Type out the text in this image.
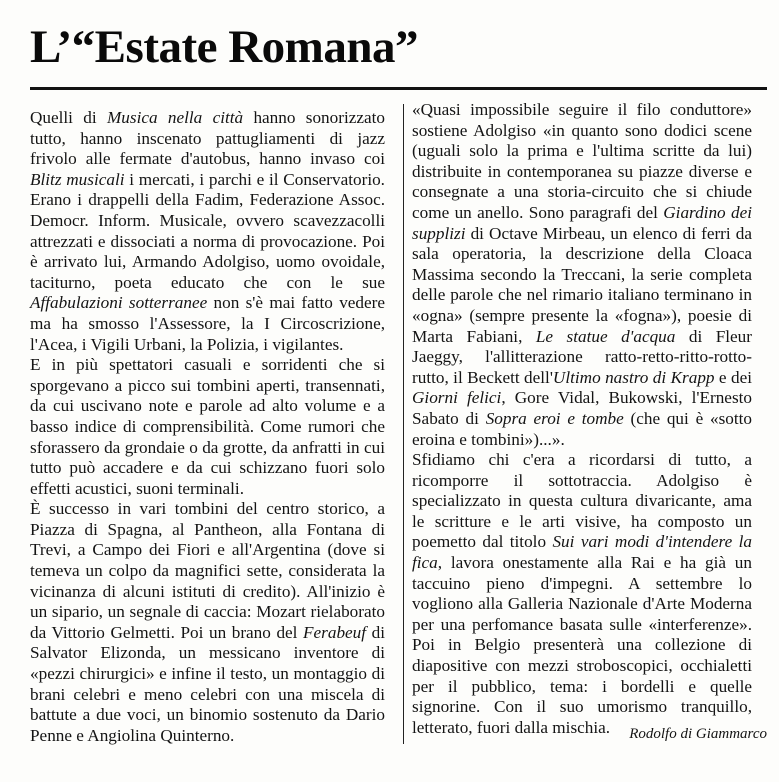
L’“Estate Romana”

Quelli di Musica nella città hanno sonorizzato tutto, hanno inscenato pattugliamenti di jazz frivolo alle fermate d'autobus, hanno invaso coi Blitz musicali i mercati, i parchi e il Conservatorio. Erano i drappelli della Fadim, Federazione Assoc. Democr. Inform. Musicale, ovvero scavezzacolli attrezzati e dissociati a norma di provocazione. Poi è arrivato lui, Armando Adolgiso, uomo ovoidale, taciturno, poeta educato che con le sue Affabulazioni sotterranee non s'è mai fatto vedere ma ha smosso l'Assessore, la I Circoscrizione, l'Acea, i Vigili Urbani, la Polizia, i vigilantes.

E in più spettatori casuali e sorridenti che si sporgevano a picco sui tombini aperti, transennati, da cui uscivano note e parole ad alto volume e a basso indice di comprensibilità. Come rumori che sforassero da grondaie o da grotte, da anfratti in cui tutto può accadere e da cui schizzano fuori solo effetti acustici, suoni terminali.

È successo in vari tombini del centro storico, a Piazza di Spagna, al Pantheon, alla Fontana di Trevi, a Campo dei Fiori e all'Argentina (dove si temeva un colpo da magnifici sette, considerata la vicinanza di alcuni istituti di credito). All'inizio è un sipario, un segnale di caccia: Mozart rielaborato da Vittorio Gelmetti. Poi un brano del Ferabeuf di Salvator Elizonda, un messicano inventore di «pezzi chirurgici» e infine il testo, un montaggio di brani celebri e meno celebri con una miscela di battute a due voci, un binomio sostenuto da Dario Penne e Angiolina Quinterno.

«Quasi impossibile seguire il filo conduttore» sostiene Adolgiso «in quanto sono dodici scene (uguali solo la prima e l'ultima scritte da lui) distribuite in contemporanea su piazze diverse e consegnate a una storia-circuito che si chiude come un anello. Sono paragrafi del Giardino dei supplizi di Octave Mirbeau, un elenco di ferri da sala operatoria, la descrizione della Cloaca Massima secondo la Treccani, la serie completa delle parole che nel rimario italiano terminano in «ogna» (sempre presente la «fogna»), poesie di Marta Fabiani, Le statue d'acqua di Fleur Jaeggy, l'allitterazione ratto-retto-ritto-rotto-rutto, il Beckett dell'Ultimo nastro di Krapp e dei Giorni felici, Gore Vidal, Bukowski, l'Ernesto Sabato di Sopra eroi e tombe (che qui è «sotto eroina e tombini»)...».

Sfidiamo chi c'era a ricordarsi di tutto, a ricomporre il sottotraccia. Adolgiso è specializzato in questa cultura divaricante, ama le scritture e le arti visive, ha composto un poemetto dal titolo Sui vari modi d'intendere la fica, lavora onestamente alla Rai e ha già un taccuino pieno d'impegni. A settembre lo vogliono alla Galleria Nazionale d'Arte Moderna per una perfomance basata sulle «interferenze». Poi in Belgio presenterà una collezione di diapositive con mezzi stroboscopici, occhialetti per il pubblico, tema: i bordelli e quelle signorine. Con il suo umorismo tranquillo, letterato, fuori dalla mischia.	Rodolfo di Giammarco
